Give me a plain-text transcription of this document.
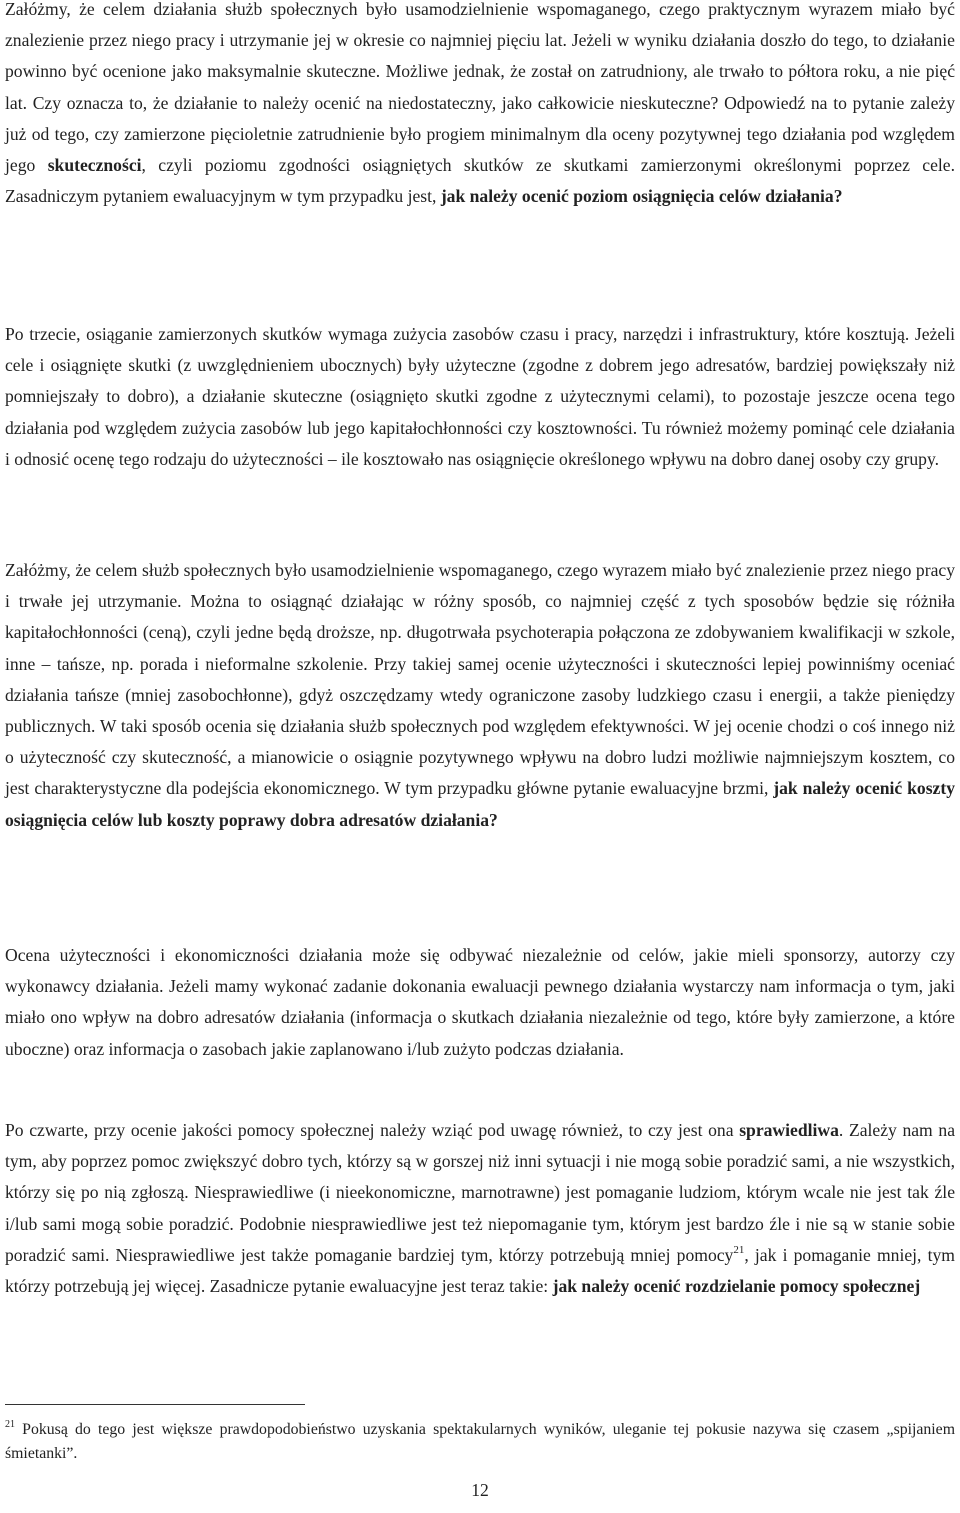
Załóżmy, że celem działania służb społecznych było usamodzielnienie wspomaganego, czego praktycznym wyrazem miało być znalezienie przez niego pracy i utrzymanie jej w okresie co najmniej pięciu lat. Jeżeli w wyniku działania doszło do tego, to działanie powinno być ocenione jako maksymalnie skuteczne. Możliwe jednak, że został on zatrudniony, ale trwało to półtora roku, a nie pięć lat. Czy oznacza to, że działanie to należy ocenić na niedostateczny, jako całkowicie nieskuteczne? Odpowiedź na to pytanie zależy już od tego, czy zamierzone pięcioletnie zatrudnienie było progiem minimalnym dla oceny pozytywnej tego działania pod względem jego skuteczności, czyli poziomu zgodności osiągniętych skutków ze skutkami zamierzonymi określonymi poprzez cele. Zasadniczym pytaniem ewaluacyjnym w tym przypadku jest, jak należy ocenić poziom osiągnięcia celów działania?

Po trzecie, osiąganie zamierzonych skutków wymaga zużycia zasobów czasu i pracy, narzędzi i infrastruktury, które kosztują. Jeżeli cele i osiągnięte skutki (z uwzględnieniem ubocznych) były użyteczne (zgodne z dobrem jego adresatów, bardziej powiększały niż pomniejszały to dobro), a działanie skuteczne (osiągnięto skutki zgodne z użytecznymi celami), to pozostaje jeszcze ocena tego działania pod względem zużycia zasobów lub jego kapitałochłonności czy kosztowności. Tu również możemy pominąć cele działania i odnosić ocenę tego rodzaju do użyteczności – ile kosztowało nas osiągnięcie określonego wpływu na dobro danej osoby czy grupy.

Załóżmy, że celem służb społecznych było usamodzielnienie wspomaganego, czego wyrazem miało być znalezienie przez niego pracy i trwałe jej utrzymanie. Można to osiągnąć działając w różny sposób, co najmniej część z tych sposobów będzie się różniła kapitałochłonności (ceną), czyli jedne będą droższe, np. długotrwała psychoterapia połączona ze zdobywaniem kwalifikacji w szkole, inne – tańsze, np. porada i nieformalne szkolenie. Przy takiej samej ocenie użyteczności i skuteczności lepiej powinniśmy oceniać działania tańsze (mniej zasobochłonne), gdyż oszczędzamy wtedy ograniczone zasoby ludzkiego czasu i energii, a także pieniędzy publicznych. W taki sposób ocenia się działania służb społecznych pod względem efektywności. W jej ocenie chodzi o coś innego niż o użyteczność czy skuteczność, a mianowicie o osiągnie pozytywnego wpływu na dobro ludzi możliwie najmniejszym kosztem, co jest charakterystyczne dla podejścia ekonomicznego. W tym przypadku główne pytanie ewaluacyjne brzmi, jak należy ocenić koszty osiągnięcia celów lub koszty poprawy dobra adresatów działania?

Ocena użyteczności i ekonomiczności działania może się odbywać niezależnie od celów, jakie mieli sponsorzy, autorzy czy wykonawcy działania. Jeżeli mamy wykonać zadanie dokonania ewaluacji pewnego działania wystarczy nam informacja o tym, jaki miało ono wpływ na dobro adresatów działania (informacja o skutkach działania niezależnie od tego, które były zamierzone, a które uboczne) oraz informacja o zasobach jakie zaplanowano i/lub zużyto podczas działania.

Po czwarte, przy ocenie jakości pomocy społecznej należy wziąć pod uwagę również, to czy jest ona sprawiedliwa. Zależy nam na tym, aby poprzez pomoc zwiększyć dobro tych, którzy są w gorszej niż inni sytuacji i nie mogą sobie poradzić sami, a nie wszystkich, którzy się po nią zgłoszą. Niesprawiedliwe (i nieekonomiczne, marnotrawne) jest pomaganie ludziom, którym wcale nie jest tak źle i/lub sami mogą sobie poradzić. Podobnie niesprawiedliwe jest też niepomaganie tym, którym jest bardzo źle i nie są w stanie sobie poradzić sami. Niesprawiedliwe jest także pomaganie bardziej tym, którzy potrzebują mniej pomocy$^{21}$, jak i pomaganie mniej, tym którzy potrzebują jej więcej. Zasadnicze pytanie ewaluacyjne jest teraz takie: jak należy ocenić rozdzielanie pomocy społecznej

$^{21}$ Pokusą do tego jest większe prawdopodobieństwo uzyskania spektakularnych wyników, uleganie tej pokusie nazywa się czasem „spijaniem śmietanki”.

12
